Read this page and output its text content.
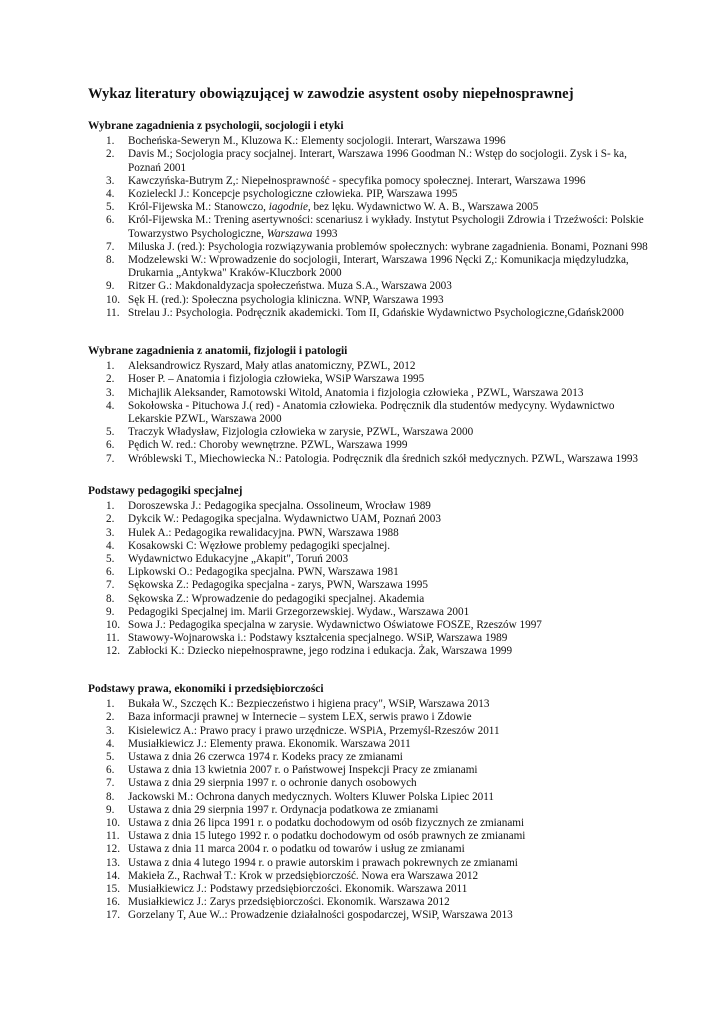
Wykaz literatury obowiązującej w zawodzie asystent osoby niepełnosprawnej
Wybrane zagadnienia z psychologii, socjologii i etyki
1.	Bocheńska-Seweryn M., Kluzowa K.: Elementy socjologii. Interart, Warszawa 1996
2.	Davis M.; Socjologia pracy socjalnej. Interart, Warszawa 1996 Goodman N.: Wstęp do socjologii. Zysk i S- ka,
Poznań 2001
3.	Kawczyńska-Butrym Z,: Niepełnosprawność - specyfika pomocy społecznej. Interart, Warszawa 1996
4.	Kozieleckl J.: Koncepcje psychologiczne człowieka. PIP, Warszawa 1995
5.	Król-Fijewska M.: Stanowczo, iagodnie, bez lęku. Wydawnictwo W. A. B., Warszawa 2005
6.	Król-Fijewska M.: Trening asertywności: scenariusz i wykłady. Instytut Psychologii Zdrowia i Trzeźwości: Polskie
Towarzystwo Psychologiczne, Warszawa 1993
7.	Miluska J. (red.): Psychologia rozwiązywania problemów społecznych: wybrane zagadnienia. Bonami, Poznani 998
8.	Modzelewski W.: Wprowadzenie do socjologii, Interart, Warszawa 1996 Nęcki Z,: Komunikacja międzyludzka,
Drukarnia „Antykwa" Kraków-Kluczbork 2000
9.	Ritzer G.: Makdonaldyzacja społeczeństwa. Muza S.A., Warszawa 2003
10. Sęk H. (red.): Społeczna psychologia kliniczna. WNP, Warszawa 1993
11. Strelau J.: Psychologia. Podręcznik akademicki. Tom II, Gdańskie Wydawnictwo Psychologiczne,Gdańsk2000
Wybrane zagadnienia z anatomii, fizjologii i patologii
1.	Aleksandrowicz Ryszard, Mały atlas anatomiczny, PZWL, 2012
2.	Hoser P. – Anatomia i fizjologia człowieka, WSiP Warszawa 1995
3.	Michajlik Aleksander, Ramotowski Witold, Anatomia i fizjologia człowieka , PZWL, Warszawa 2013
4.	Sokołowska - Pituchowa J.( red) - Anatomia człowieka. Podręcznik dla studentów medycyny. Wydawnictwo
Lekarskie PZWL, Warszawa 2000
5.	Traczyk Władysław, Fizjologia człowieka w zarysie, PZWL, Warszawa 2000
6.	Pędich W. red.: Choroby wewnętrzne. PZWL, Warszawa 1999
7.	Wróblewski T., Miechowiecka N.: Patologia. Podręcznik dla średnich szkół medycznych. PZWL, Warszawa 1993
Podstawy pedagogiki specjalnej
1.	Doroszewska J.: Pedagogika specjalna. Ossolineum, Wrocław 1989
2.	Dykcik W.: Pedagogika specjalna. Wydawnictwo UAM, Poznań 2003
3.	Hulek A.: Pedagogika rewalidacyjna. PWN, Warszawa 1988
4.	Kosakowski C: Węzłowe problemy pedagogiki specjalnej.
5.	Wydawnictwo Edukacyjne „Akapit", Toruń 2003
6.	Lipkowski O.: Pedagogika specjalna. PWN, Warszawa 1981
7.	Sękowska Z.: Pedagogika specjalna - zarys, PWN, Warszawa 1995
8.	Sękowska Z.: Wprowadzenie do pedagogiki specjalnej. Akademia
9.	Pedagogiki Specjalnej im. Marii Grzegorzewskiej. Wydaw., Warszawa 2001
10. Sowa J.: Pedagogika specjalna w zarysie. Wydawnictwo Oświatowe FOSZE, Rzeszów 1997
11. Stawowy-Wojnarowska i.: Podstawy kształcenia specjalnego. WSiP, Warszawa 1989
12. Zabłocki K.: Dziecko niepełnosprawne, jego rodzina i edukacja. Żak, Warszawa 1999
Podstawy prawa, ekonomiki i przedsiębiorczości
1.	Bukała W., Szczęch K.: Bezpieczeństwo i higiena pracy", WSiP, Warszawa 2013
2.	Baza informacji prawnej w Internecie – system LEX, serwis prawo i Zdowie
3.	Kisielewicz A.: Prawo pracy i prawo urzędnicze. WSPiA, Przemyśl-Rzeszów 2011
4.	Musiałkiewicz J.: Elementy prawa. Ekonomik. Warszawa 2011
5.	Ustawa z dnia 26 czerwca 1974 r. Kodeks pracy ze zmianami
6.	Ustawa z dnia 13 kwietnia 2007 r. o Państwowej Inspekcji Pracy ze zmianami
7.	Ustawa z dnia 29 sierpnia 1997 r. o ochronie danych osobowych
8.	Jackowski M.: Ochrona danych medycznych. Wolters Kluwer Polska Lipiec 2011
9.	Ustawa z dnia 29 sierpnia 1997 r. Ordynacja podatkowa ze zmianami
10. Ustawa z dnia 26 lipca 1991 r. o podatku dochodowym od osób fizycznych ze zmianami
11. Ustawa z dnia 15 lutego 1992 r. o podatku dochodowym od osób prawnych ze zmianami
12. Ustawa z dnia 11 marca 2004 r. o podatku od towarów i usług ze zmianami
13. Ustawa z dnia 4 lutego 1994 r. o prawie autorskim i prawach pokrewnych ze zmianami
14. Makieła Z., Rachwał T.: Krok w przedsiębiorczość. Nowa era Warszawa 2012
15. Musiałkiewicz J.: Podstawy przedsiębiorczości. Ekonomik. Warszawa 2011
16. Musiałkiewicz J.: Zarys przedsiębiorczości. Ekonomik. Warszawa 2012
17. Gorzelany T, Aue W..: Prowadzenie działalności gospodarczej, WSiP, Warszawa 2013
